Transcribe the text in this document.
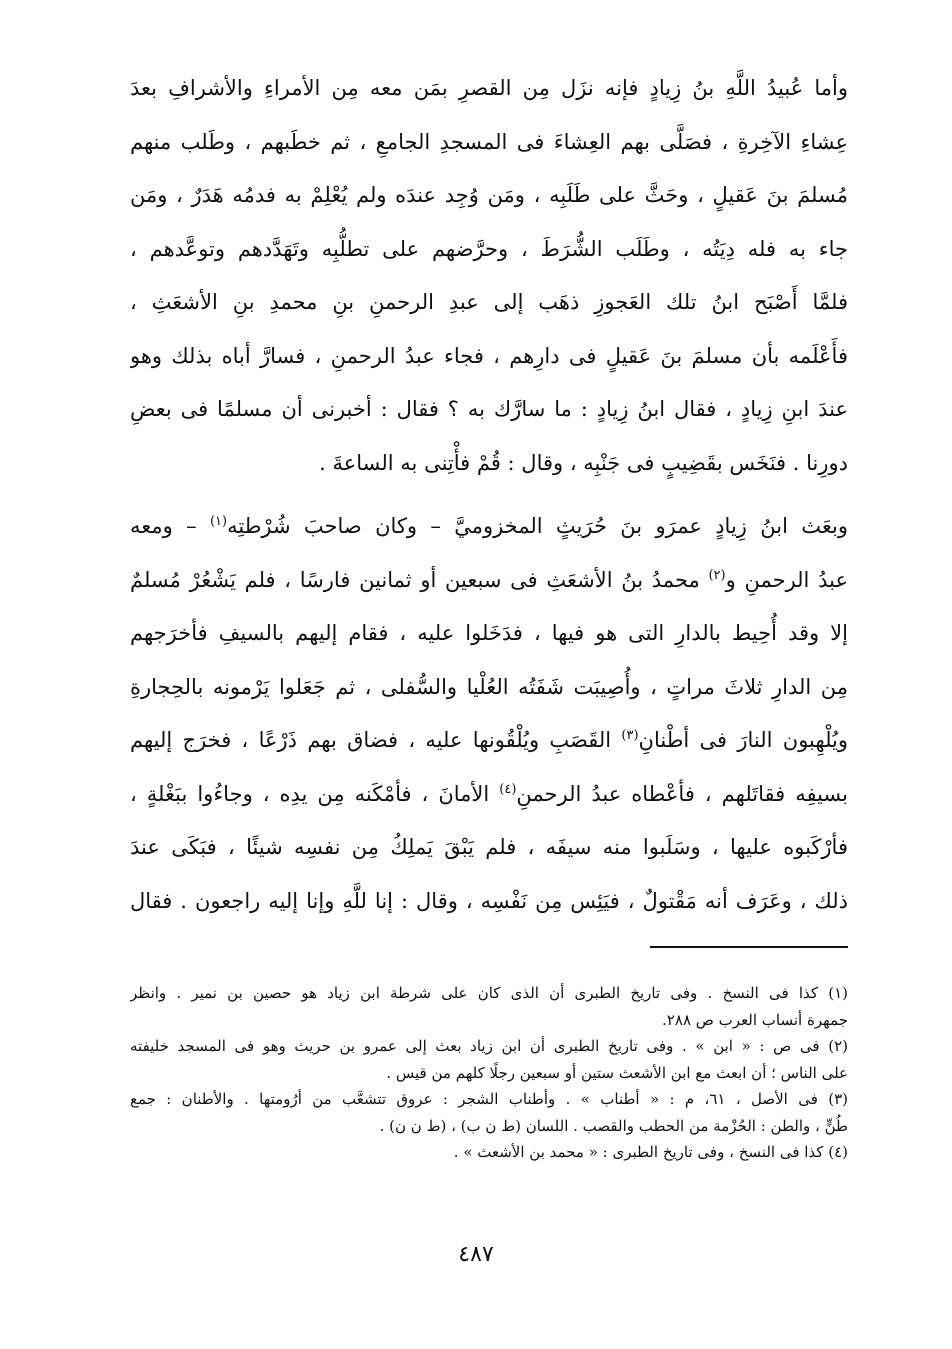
وأما عُبيدُ اللَّهِ بنُ زِيادٍ فإنه نزَل مِن القصرِ بمَن معه مِن الأمراءِ والأشرافِ بعدَ
عِشاءِ الآخِرةِ ، فصَلَّى بهم العِشاءَ فى المسجدِ الجامعِ ، ثم خطَبهم ، وطَلب منهم
مُسلمَ بنَ عَقيلٍ ، وحَثَّ على طَلَبِه ، ومَن وُجِد عندَه ولم يُعْلِمْ به فدمُه هَدَرٌ ، ومَن
جاء به فله دِيَتُه ، وطَلَب الشُّرَطَ ، وحرَّضهم على تطلُّبِه وتَهَدَّدهم وتوعَّدهم ،
فلمَّا أَصْبَح ابنُ تلك العَجوزِ ذهَب إلى عبدِ الرحمنِ بنِ محمدِ بنِ الأشعَثِ ،
فأَعْلَمه بأن مسلمَ بنَ عَقيلٍ فى دارِهم ، فجاء عبدُ الرحمنِ ، فسارَّ أباه بذلك وهو
عندَ ابنِ زِيادٍ ، فقال ابنُ زِيادٍ : ما سارَّك به ؟ فقال : أخبرنى أن مسلمًا فى بعضِ
دورِنا . فنَخَس بقَضِيبٍ فى جَنْبِه ، وقال : قُمْ فأْتِنى به الساعةَ .
وبعَث ابنُ زِيادٍ عمرَو بنَ حُرَيثٍ المخزوميَّ – وكان صاحبَ شُرْطتِه$^{(١)}$ – ومعه
عبدُ الرحمنِ و$^{(٢)}$ محمدُ بنُ الأشعَثِ فى سبعين أو ثمانين فارسًا ، فلم يَشْعُرْ مُسلمٌ
إلا وقد أُحِيط بالدارِ التى هو فيها ، فدَخَلوا عليه ، فقام إليهم بالسيفِ فأخرَجهم
مِن الدارِ ثلاثَ مراتٍ ، وأُصِيبَت شَفَتُه العُلْيا والسُّفلى ، ثم جَعَلوا يَرْمونه بالحِجارةِ
ويُلْهِبون النارَ فى أطْنانِ$^{(٣)}$ القَصَبِ ويُلْقُونها عليه ، فضاق بهم ذَرْعًا ، فخرَج إليهم
بسيفِه فقاتَلهم ، فأعْطاه عبدُ الرحمنِ$^{(٤)}$ الأمانَ ، فأمْكَنه مِن يدِه ، وجاءُوا ببَغْلةٍ ،
فأرْكَبوه عليها ، وسَلَبوا منه سيفَه ، فلم يَبْقَ يَملِكُ مِن نفسِه شيئًا ، فبَكَى عندَ
ذلك ، وعَرَف أنه مَقْتولٌ ، فيَئِس مِن نَفْسِه ، وقال : إنا للَّهِ وإنا إليه راجعون . فقال
(١) كذا فى النسخ . وفى تاريخ الطبرى أن الذى كان على شرطة ابن زياد هو حصين بن نمير . وانظر
جمهرة أنساب العرب ص ٢٨٨.
(٢) فى ص : « ابن » . وفى تاريخ الطبرى أن ابن زياد بعث إلى عمرو بن حريث وهو فى المسجد خليفته
على الناس ؛ أن ابعث مع ابن الأشعث ستين أو سبعين رجلًا كلهم من قيس .
(٣) فى الأصل ، ٦١، م : « أطناب » . وأطناب الشجر : عروق تتشعَّب من أرُومتها . والأطنان : جمع
طُنٍّ ، والطن : الحُزْمة من الحطب والقصب . اللسان (ط ن ب) ، (ط ن ن) .
(٤) كذا فى النسخ ، وفى تاريخ الطبرى : « محمد بن الأشعث » .
٤٨٧
